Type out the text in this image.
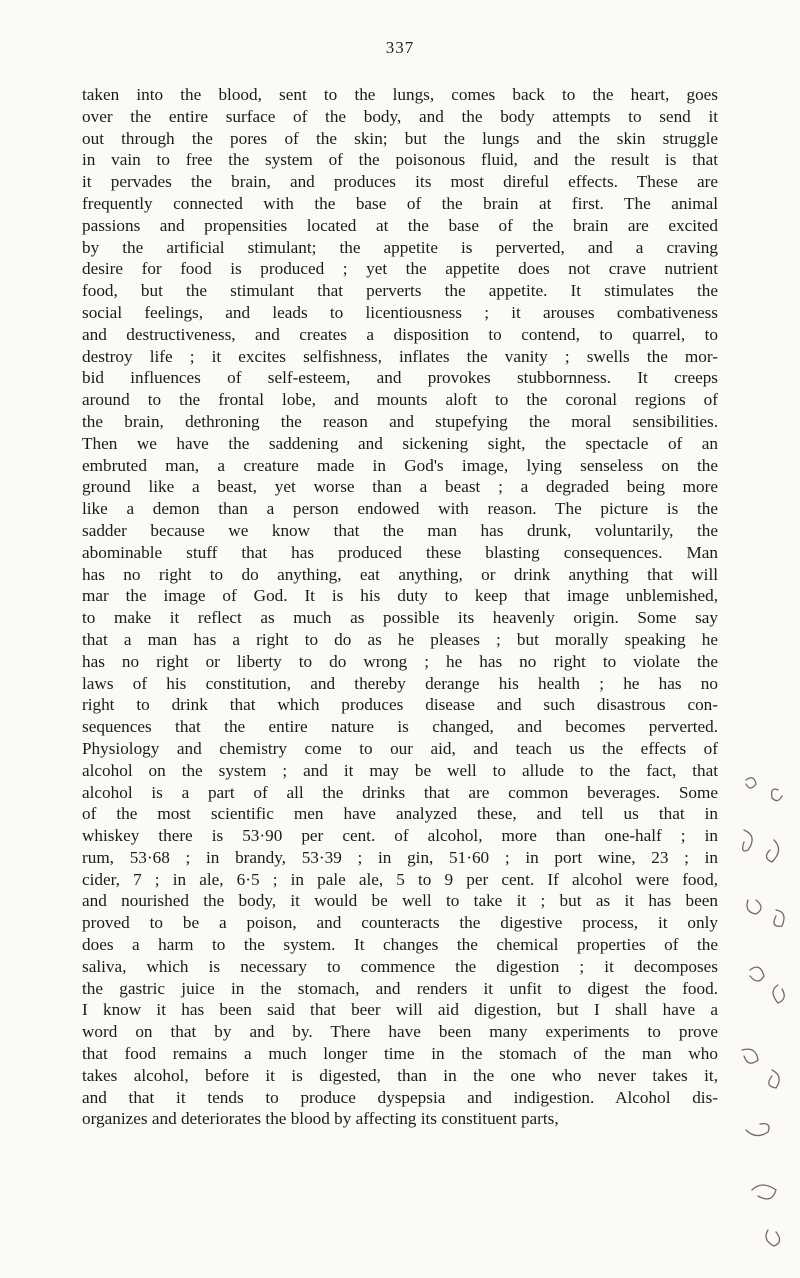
337
taken into the blood, sent to the lungs, comes back to the heart, goes
over the entire surface of the body, and the body attempts to send it
out through the pores of the skin; but the lungs and the skin struggle
in vain to free the system of the poisonous fluid, and the result is that
it pervades the brain, and produces its most direful effects. These are
frequently connected with the base of the brain at first. The animal
passions and propensities located at the base of the brain are excited
by the artificial stimulant; the appetite is perverted, and a craving
desire for food is produced ; yet the appetite does not crave nutrient
food, but the stimulant that perverts the appetite. It stimulates the
social feelings, and leads to licentiousness ; it arouses combativeness
and destructiveness, and creates a disposition to contend, to quarrel, to
destroy life ; it excites selfishness, inflates the vanity ; swells the mor-
bid influences of self-esteem, and provokes stubbornness. It creeps
around to the frontal lobe, and mounts aloft to the coronal regions of
the brain, dethroning the reason and stupefying the moral sensibilities.
Then we have the saddening and sickening sight, the spectacle of an
embruted man, a creature made in God's image, lying senseless on the
ground like a beast, yet worse than a beast ; a degraded being more
like a demon than a person endowed with reason. The picture is the
sadder because we know that the man has drunk, voluntarily, the
abominable stuff that has produced these blasting consequences. Man
has no right to do anything, eat anything, or drink anything that will
mar the image of God. It is his duty to keep that image unblemished,
to make it reflect as much as possible its heavenly origin. Some say
that a man has a right to do as he pleases ; but morally speaking he
has no right or liberty to do wrong ; he has no right to violate the
laws of his constitution, and thereby derange his health ; he has no
right to drink that which produces disease and such disastrous con-
sequences that the entire nature is changed, and becomes perverted.
Physiology and chemistry come to our aid, and teach us the effects of
alcohol on the system ; and it may be well to allude to the fact, that
alcohol is a part of all the drinks that are common beverages. Some
of the most scientific men have analyzed these, and tell us that in
whiskey there is 53·90 per cent. of alcohol, more than one-half ; in
rum, 53·68 ; in brandy, 53·39 ; in gin, 51·60 ; in port wine, 23 ; in
cider, 7 ; in ale, 6·5 ; in pale ale, 5 to 9 per cent. If alcohol were food,
and nourished the body, it would be well to take it ; but as it has been
proved to be a poison, and counteracts the digestive process, it only
does a harm to the system. It changes the chemical properties of the
saliva, which is necessary to commence the digestion ; it decomposes
the gastric juice in the stomach, and renders it unfit to digest the food.
I know it has been said that beer will aid digestion, but I shall have a
word on that by and by. There have been many experiments to prove
that food remains a much longer time in the stomach of the man who
takes alcohol, before it is digested, than in the one who never takes it,
and that it tends to produce dyspepsia and indigestion. Alcohol dis-
organizes and deteriorates the blood by affecting its constituent parts,
